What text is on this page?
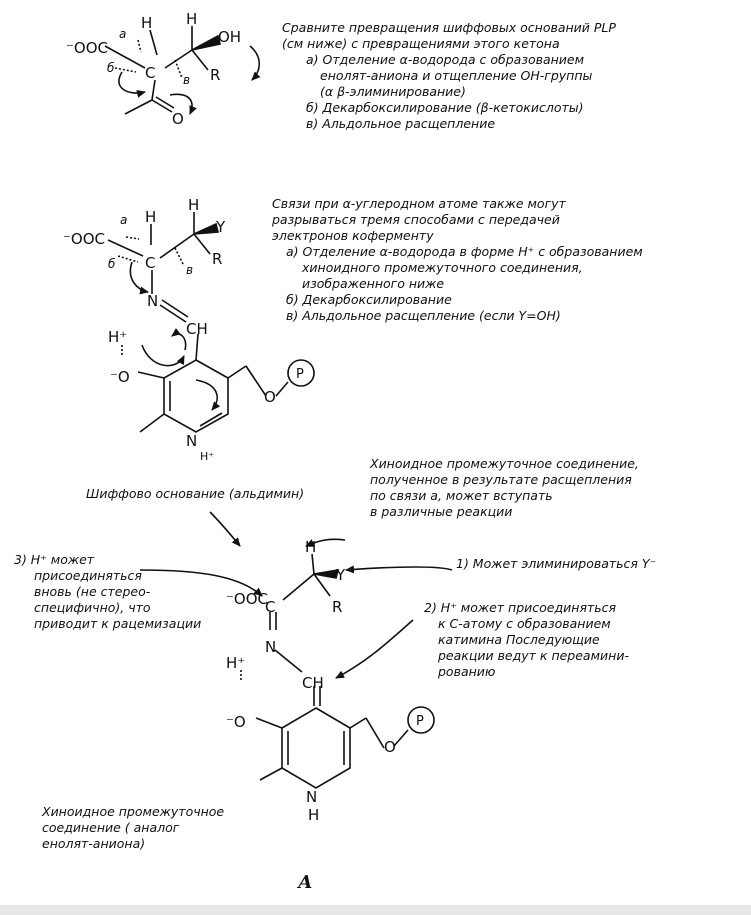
⁻OOC
C
H H
OH
R
O
а
б
в
⁻OOC
C
H
H
Y
R
N
CH
H⁺
⁻O
N
H⁺
O
P
а
б	в
⁻OOC
C
H
Y
R
N
CH
H⁺
⁻O
N
H
O
P
Сравните превращения шиффовых оснований PLP
(см ниже) с превращениями этого кетона
а) Отделение α-водорода с образованием
енолят-аниона и отщепление ОН-группы
(α β-элиминирование)
б) Декарбоксилирование (β-кетокислоты)
в) Альдольное расщепление
Связи при α-углеродном атоме также могут
разрываться тремя способами с передачей
электронов коферменту
а) Отделение α-водорода в форме H⁺ с образованием
хиноидного промежуточного соединения,
изображенного ниже
б) Декарбоксилирование
в) Альдольное расщепление (если Y=OH)
Шиффово основание (альдимин)
Хиноидное промежуточное соединение,
полученное в результате расщепления
по связи а, может вступать
в различные реакции
3) H⁺ может
присоединяться
вновь (не стерео-
специфично), что
приводит к рацемизации
1) Может элиминироваться Y⁻
2) H⁺ может присоединяться
к С-атому с образованием
катимина Последующие
реакции ведут к переамини-
рованию
Хиноидное промежуточное
соединение ( аналог
енолят-аниона)
А
